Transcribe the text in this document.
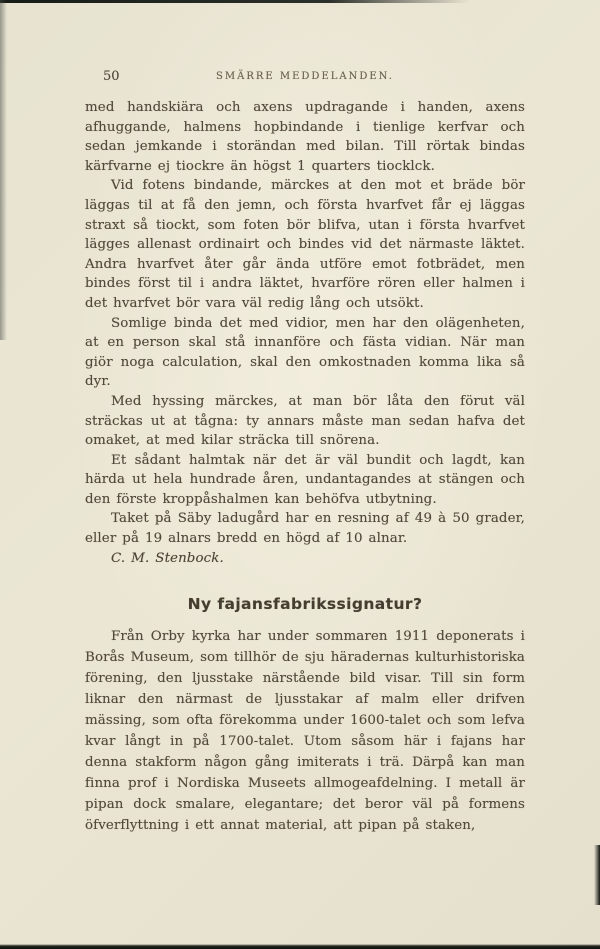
50	SMÄRRE MEDDELANDEN.

med handskiära och axens updragande i handen, axens afhuggande, halmens hopbindande i tienlige kerfvar och sedan jemkande i storändan med bilan. Till rörtak bindas kärfvarne ej tiockre än högst 1 quarters tiocklck.

Vid fotens bindande, märckes at den mot et bräde bör läggas til at få den jemn, och första hvarfvet får ej läggas straxt så tiockt, som foten bör blifva, utan i första hvarfvet lägges allenast ordinairt och bindes vid det närmaste läktet. Andra hvarfvet åter går ända utföre emot fotbrädet, men bindes först til i andra läktet, hvarföre rören eller halmen i det hvarfvet bör vara väl redig lång och utsökt.

Somlige binda det med vidior, men har den olägenheten, at en person skal stå innanföre och fästa vidian. När man giör noga calculation, skal den omkostnaden komma lika så dyr.

Med hyssing märckes, at man bör låta den förut väl sträckas ut at tågna: ty annars måste man sedan hafva det omaket, at med kilar sträcka till snörena.

Et sådant halmtak när det är väl bundit och lagdt, kan härda ut hela hundrade åren, undantagandes at stängen och den förste kroppåshalmen kan behöfva utbytning.

Taket på Säby ladugård har en resning af 49 à 50 grader, eller på 19 alnars bredd en högd af 10 alnar.

C. M. Stenbock.

Ny fajansfabrikssignatur?

Från Orby kyrka har under sommaren 1911 deponerats i Borås Museum, som tillhör de sju häradernas kulturhistoriska förening, den ljusstake närstående bild visar. Till sin form liknar den närmast de ljusstakar af malm eller drifven mässing, som ofta förekomma under 1600-talet och som lefva kvar långt in på 1700-talet. Utom såsom här i fajans har denna stakform någon gång imiterats i trä. Därpå kan man finna prof i Nordiska Museets allmogeafdelning. I metall är pipan dock smalare, elegantare; det beror väl på formens öfverflyttning i ett annat material, att pipan på staken,
